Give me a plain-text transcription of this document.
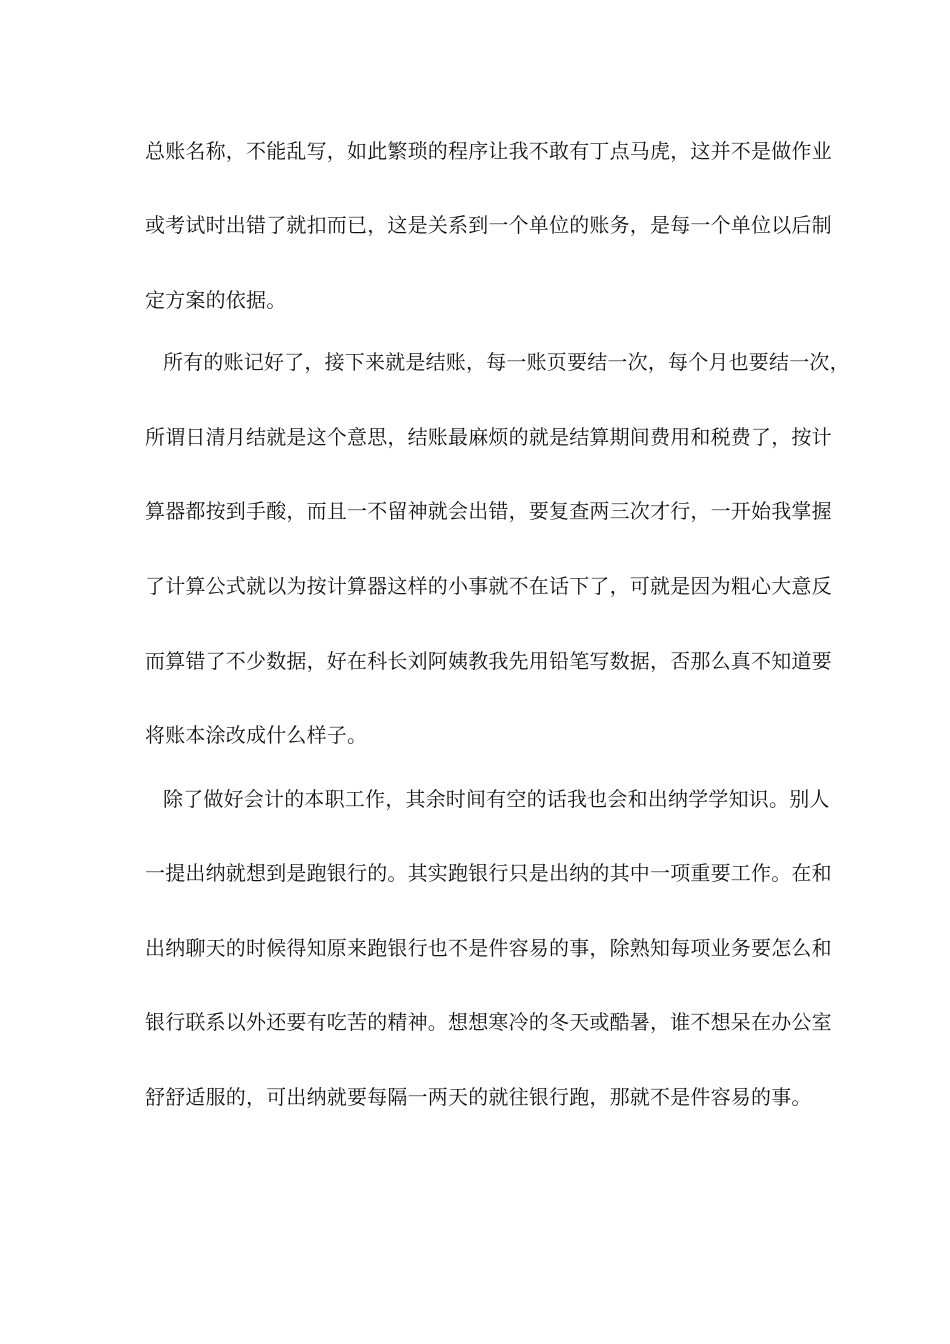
总账名称，不能乱写，如此繁琐的程序让我不敢有丁点马虎，这并不是做作业
或考试时出错了就扣而已，这是关系到一个单位的账务，是每一个单位以后制
定方案的依据。
所有的账记好了，接下来就是结账，每一账页要结一次，每个月也要结一次，
所谓日清月结就是这个意思，结账最麻烦的就是结算期间费用和税费了，按计
算器都按到手酸，而且一不留神就会出错，要复查两三次才行，一开始我掌握
了计算公式就以为按计算器这样的小事就不在话下了，可就是因为粗心大意反
而算错了不少数据，好在科长刘阿姨教我先用铅笔写数据，否那么真不知道要
将账本涂改成什么样子。
除了做好会计的本职工作，其余时间有空的话我也会和出纳学学知识。别人
一提出纳就想到是跑银行的。其实跑银行只是出纳的其中一项重要工作。在和
出纳聊天的时候得知原来跑银行也不是件容易的事，除熟知每项业务要怎么和
银行联系以外还要有吃苦的精神。想想寒冷的冬天或酷暑，谁不想呆在办公室
舒舒适服的，可出纳就要每隔一两天的就往银行跑，那就不是件容易的事。
